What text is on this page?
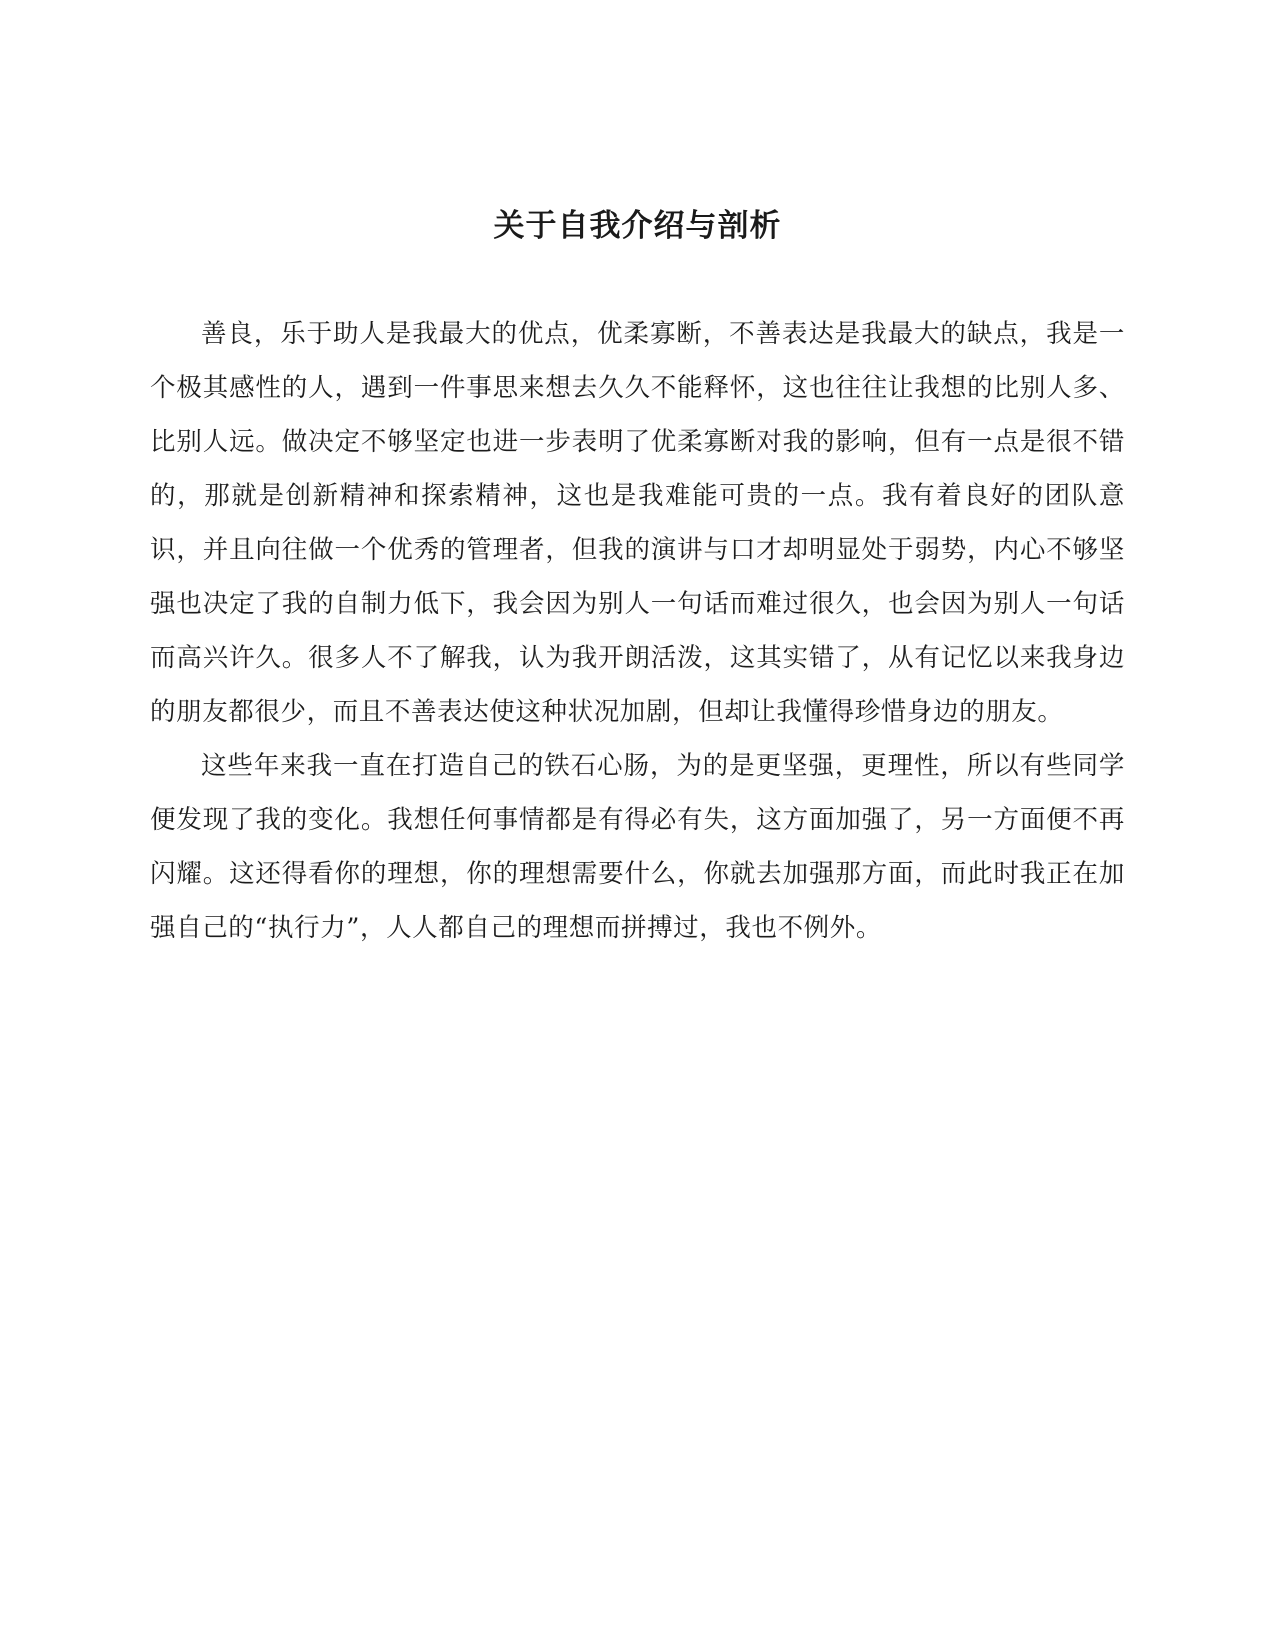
关于自我介绍与剖析

善良，乐于助人是我最大的优点，优柔寡断，不善表达是我最大的缺点，我是一个极其感性的人，遇到一件事思来想去久久不能释怀，这也往往让我想的比别人多、比别人远。做决定不够坚定也进一步表明了优柔寡断对我的影响，但有一点是很不错的，那就是创新精神和探索精神，这也是我难能可贵的一点。我有着良好的团队意识，并且向往做一个优秀的管理者，但我的演讲与口才却明显处于弱势，内心不够坚强也决定了我的自制力低下，我会因为别人一句话而难过很久，也会因为别人一句话而高兴许久。很多人不了解我，认为我开朗活泼，这其实错了，从有记忆以来我身边的朋友都很少，而且不善表达使这种状况加剧，但却让我懂得珍惜身边的朋友。

这些年来我一直在打造自己的铁石心肠，为的是更坚强，更理性，所以有些同学便发现了我的变化。我想任何事情都是有得必有失，这方面加强了，另一方面便不再闪耀。这还得看你的理想，你的理想需要什么，你就去加强那方面，而此时我正在加强自己的“执行力”，人人都自己的理想而拼搏过，我也不例外。
